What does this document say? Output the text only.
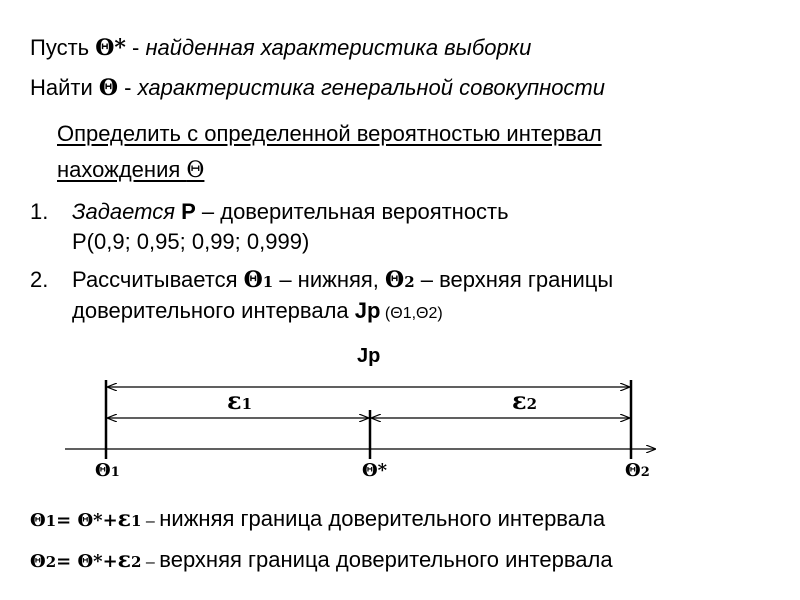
Пусть Θ* - найденная характеристика выборки
Найти Θ - характеристика генеральной совокупности
Определить с определенной вероятностью интервал
нахождения Θ
1. Задается Р – доверительная вероятность
Р(0,9; 0,95; 0,99; 0,999)
2. Рассчитывается Θ1 – нижняя, Θ2 – верхняя границы
доверительного интервала Jp (Θ1,Θ2)
Jp
ε1	ε2
Θ1	Θ*	Θ2
Θ1= Θ*+ε1 – нижняя граница доверительного интервала
Θ2= Θ*+ε2 – верхняя граница доверительного интервала
